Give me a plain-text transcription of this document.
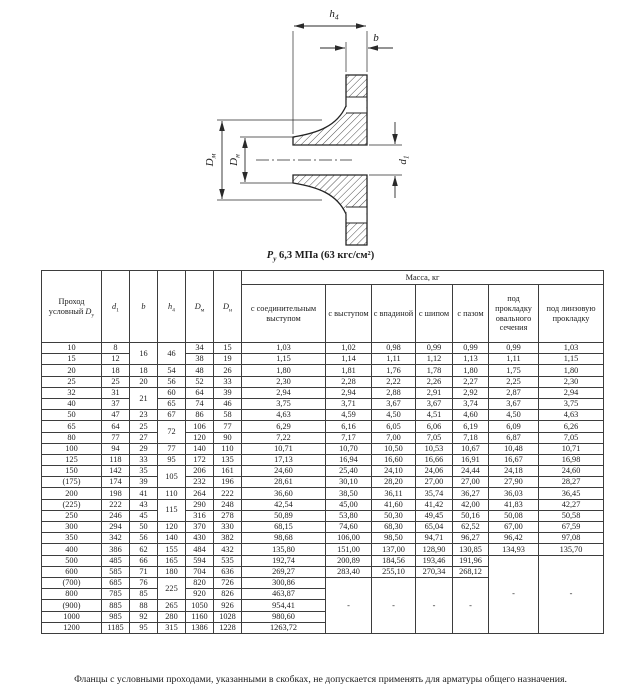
$h_4$
b
$D_м$
$D_н$
$d_1$
$P_у$ 6,3 МПа (63 кгс/см²)
Проход условный $D_у$	$d_1$	b	$h_4$	$D_м$	$D_н$	Масса, кг						
						с соединительным выступом	с выступом	с впадиной	с шипом	с пазом	под прокладку овального сечения	под линзовую прокладку
10	8	16	46	34	15	1,03	1,02	0,98	0,99	0,99	0,99	1,03
15	12			38	19	1,15	1,14	1,11	1,12	1,13	1,11	1,15
20	18	18	54	48	26	1,80	1,81	1,76	1,78	1,80	1,75	1,80
25	25	20	56	52	33	2,30	2,28	2,22	2,26	2,27	2,25	2,30
32	31	21	60	64	39	2,94	2,94	2,88	2,91	2,92	2,87	2,94
40	37		65	74	46	3,75	3,71	3,67	3,67	3,74	3,67	3,75
50	47	23	67	86	58	4,63	4,59	4,50	4,51	4,60	4,50	4,63
65	64	25	72	106	77	6,29	6,16	6,05	6,06	6,19	6,09	6,26
80	77	27		120	90	7,22	7,17	7,00	7,05	7,18	6,87	7,05
100	94	29	77	140	110	10,71	10,70	10,50	10,53	10,67	10,48	10,71
125	118	33	95	172	135	17,13	16,94	16,60	16,66	16,91	16,67	16,98
150	142	35	105	206	161	24,60	25,40	24,10	24,06	24,44	24,18	24,60
(175)	174	39		232	196	28,61	30,10	28,20	27,00	27,00	27,90	28,27
200	198	41	110	264	222	36,60	38,50	36,11	35,74	36,27	36,03	36,45
(225)	222	43	115	290	248	42,54	45,00	41,60	41,42	42,00	41,83	42,27
250	246	45		316	278	50,89	53,80	50,30	49,45	50,16	50,08	50,58
300	294	50	120	370	330	68,15	74,60	68,30	65,04	62,52	67,00	67,59
350	342	56	140	430	382	98,68	106,00	98,50	94,71	96,27	96,42	97,08
400	386	62	155	484	432	135,80	151,00	137,00	128,90	130,85	134,93	135,70
500	485	66	165	594	535	192,74	200,89	184,56	193,46	191,96	-	-
600	585	71	180	704	636	269,27	283,40	255,10	270,34	268,12		
(700)	685	76	225	820	726	300,86	-	-	-	-		
800	785	85		920	826	463,87						
(900)	885	88	265	1050	926	954,41						
1000	985	92	280	1160	1028	980,60						
1200	1185	95	315	1386	1228	1263,72						
Фланцы с условными проходами, указанными в скобках, не допускается применять для арматуры общего назначения.
